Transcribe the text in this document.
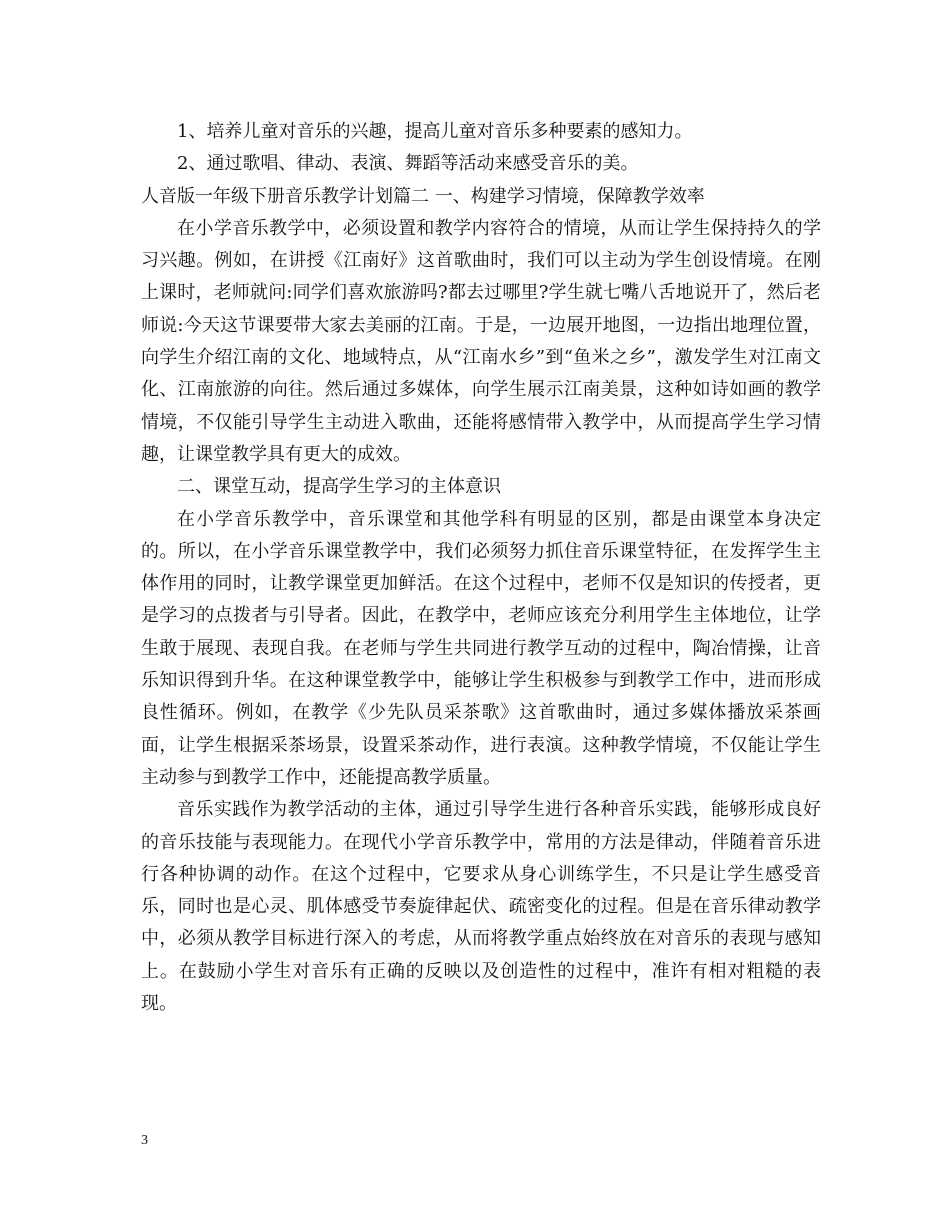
1、培养儿童对音乐的兴趣，提高儿童对音乐多种要素的感知力。

2、通过歌唱、律动、表演、舞蹈等活动来感受音乐的美。

人音版一年级下册音乐教学计划篇二 一、构建学习情境，保障教学效率

在小学音乐教学中，必须设置和教学内容符合的情境，从而让学生保持持久的学习兴趣。例如，在讲授《江南好》这首歌曲时，我们可以主动为学生创设情境。在刚上课时，老师就问:同学们喜欢旅游吗?都去过哪里?学生就七嘴八舌地说开了，然后老师说:今天这节课要带大家去美丽的江南。于是，一边展开地图，一边指出地理位置，向学生介绍江南的文化、地域特点，从“江南水乡”到“鱼米之乡”，激发学生对江南文化、江南旅游的向往。然后通过多媒体，向学生展示江南美景，这种如诗如画的教学情境，不仅能引导学生主动进入歌曲，还能将感情带入教学中，从而提高学生学习情趣，让课堂教学具有更大的成效。

二、课堂互动，提高学生学习的主体意识

在小学音乐教学中，音乐课堂和其他学科有明显的区别，都是由课堂本身决定的。所以，在小学音乐课堂教学中，我们必须努力抓住音乐课堂特征，在发挥学生主体作用的同时，让教学课堂更加鲜活。在这个过程中，老师不仅是知识的传授者，更是学习的点拨者与引导者。因此，在教学中，老师应该充分利用学生主体地位，让学生敢于展现、表现自我。在老师与学生共同进行教学互动的过程中，陶冶情操，让音乐知识得到升华。在这种课堂教学中，能够让学生积极参与到教学工作中，进而形成良性循环。例如，在教学《少先队员采茶歌》这首歌曲时，通过多媒体播放采茶画面，让学生根据采茶场景，设置采茶动作，进行表演。这种教学情境，不仅能让学生主动参与到教学工作中，还能提高教学质量。

音乐实践作为教学活动的主体，通过引导学生进行各种音乐实践，能够形成良好的音乐技能与表现能力。在现代小学音乐教学中，常用的方法是律动，伴随着音乐进行各种协调的动作。在这个过程中，它要求从身心训练学生，不只是让学生感受音乐，同时也是心灵、肌体感受节奏旋律起伏、疏密变化的过程。但是在音乐律动教学中，必须从教学目标进行深入的考虑，从而将教学重点始终放在对音乐的表现与感知上。在鼓励小学生对音乐有正确的反映以及创造性的过程中，准许有相对粗糙的表现。

3
